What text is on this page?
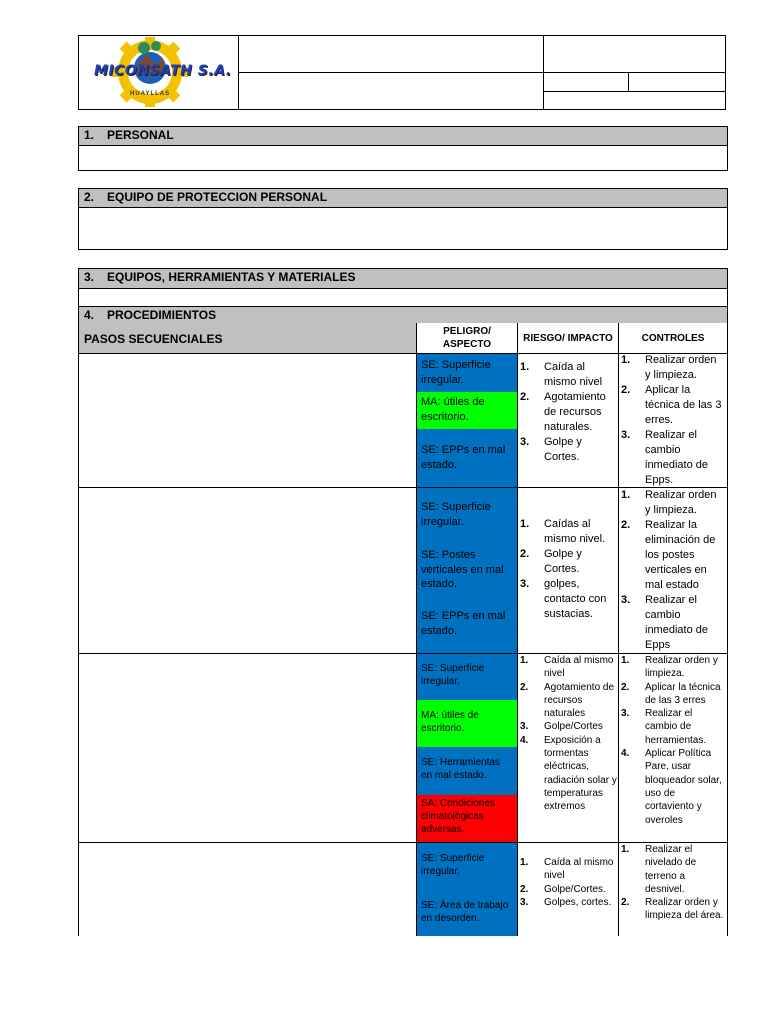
MICONSATH S.A.
HUAYLLAS
1. PERSONAL
2. EQUIPO DE PROTECCION PERSONAL
3. EQUIPOS, HERRAMIENTAS Y MATERIALES
4. PROCEDIMIENTOS
PASOS SECUENCIALES
PELIGRO/ ASPECTO
RIESGO/ IMPACTO	CONTROLES
SE: Superficie irregular.
MA: útiles de escritorio.
SE: EPPs en mal estado.
1. Caída al mismo nivel
2. Agotamiento de recursos naturales.
3. Golpe y Cortes.
1. Realizar orden y limpieza.
2. Aplicar la técnica de las 3 erres.
3. Realizar el cambio inmediato de Epps.
SE: Superficie irregular.
SE: Postes verticales en mal estado.
SE: EPPs en mal estado.
1. Caídas al mismo nivel.
2. Golpe y Cortes.
3. golpes, contacto con sustacias.
1. Realizar orden y limpieza.
2. Realizar la eliminación de los postes verticales en mal estado
3. Realizar el cambio inmediato de Epps
SE: Superficie irregular.
MA: útiles de escritorio.
SE: Herramientas en mal estado.
SA: Condiciones climatológicas adversas.
1. Caída al mismo nivel
2. Agotamiento de recursos naturales
3. Golpe/Cortes
4. Exposición a tormentas eléctricas, radiación solar y temperaturas extremos
1. Realizar orden y limpieza.
2. Aplicar la técnica de las 3 erres
3. Realizar el cambio de herramientas.
4. Aplicar Política Pare, usar bloqueador solar, uso de cortaviento y overoles
SE: Superficie irregular.
SE: Área de trabajo en desorden.
1. Caída al mismo nivel
2. Golpe/Cortes.
3. Golpes, cortes.
1. Realizar el nivelado de terreno a desnivel.
2. Realizar orden y limpieza del área.
